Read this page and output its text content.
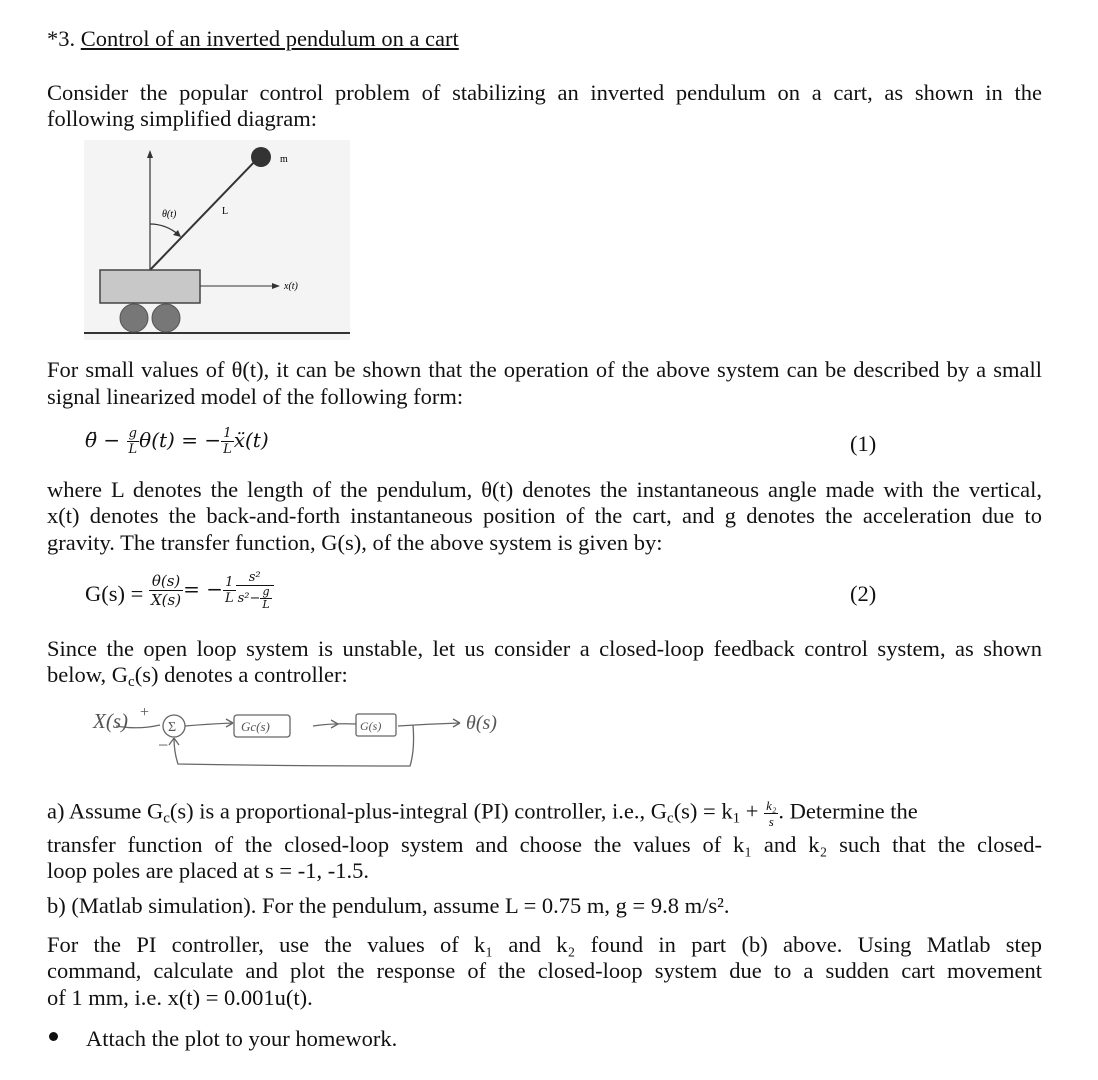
*3. Control of an inverted pendulum on a cart
Consider the popular control problem of stabilizing an inverted pendulum on a cart, as shown in the
following simplified diagram:
m
θ(t)	L
x(t)
For small values of θ(t), it can be shown that the operation of the above system can be described by a small
signal linearized model of the following form:
θ̈ − $\frac{g}{L} \theta(t)$ = − $\frac{1}{L}$ ẍ(t)	(1)
where L denotes the length of the pendulum, θ(t) denotes the instantaneous angle made with the vertical,
x(t) denotes the back-and-forth instantaneous position of the cart, and g denotes the acceleration due to
gravity. The transfer function, G(s), of the above system is given by:
$G(s) = \frac{\theta(s)}{X(s)}$ = − $\frac{1}{L} \frac{\text{s²}}{s^2- \frac{g}{L}}$	(2)
Since the open loop system is unstable, let us consider a closed-loop feedback control system, as shown
below, $G_c(s)$ denotes a controller:
X(s) +
−
Σ	Gc(s)	G(s)	θ(s)
a) Assume $G_c(s)$ is a proportional-plus-integral (PI) controller, i.e., $G_c(s) = k_1 + \frac{\text{k₂}}{s}$ . Determine the
transfer function of the closed-loop system and choose the values of k₁ and k₂ such that the closed-
loop poles are placed at s = -1, -1.5.
b) (Matlab simulation). For the pendulum, assume L = 0.75 m, g = 9.8 m/s².
For the PI controller, use the values of k₁ and k₂ found in part (b) above. Using Matlab step
command, calculate and plot the response of the closed-loop system due to a sudden cart movement
of 1 mm, i.e. x(t) = 0.001u(t).
Attach the plot to your homework.
